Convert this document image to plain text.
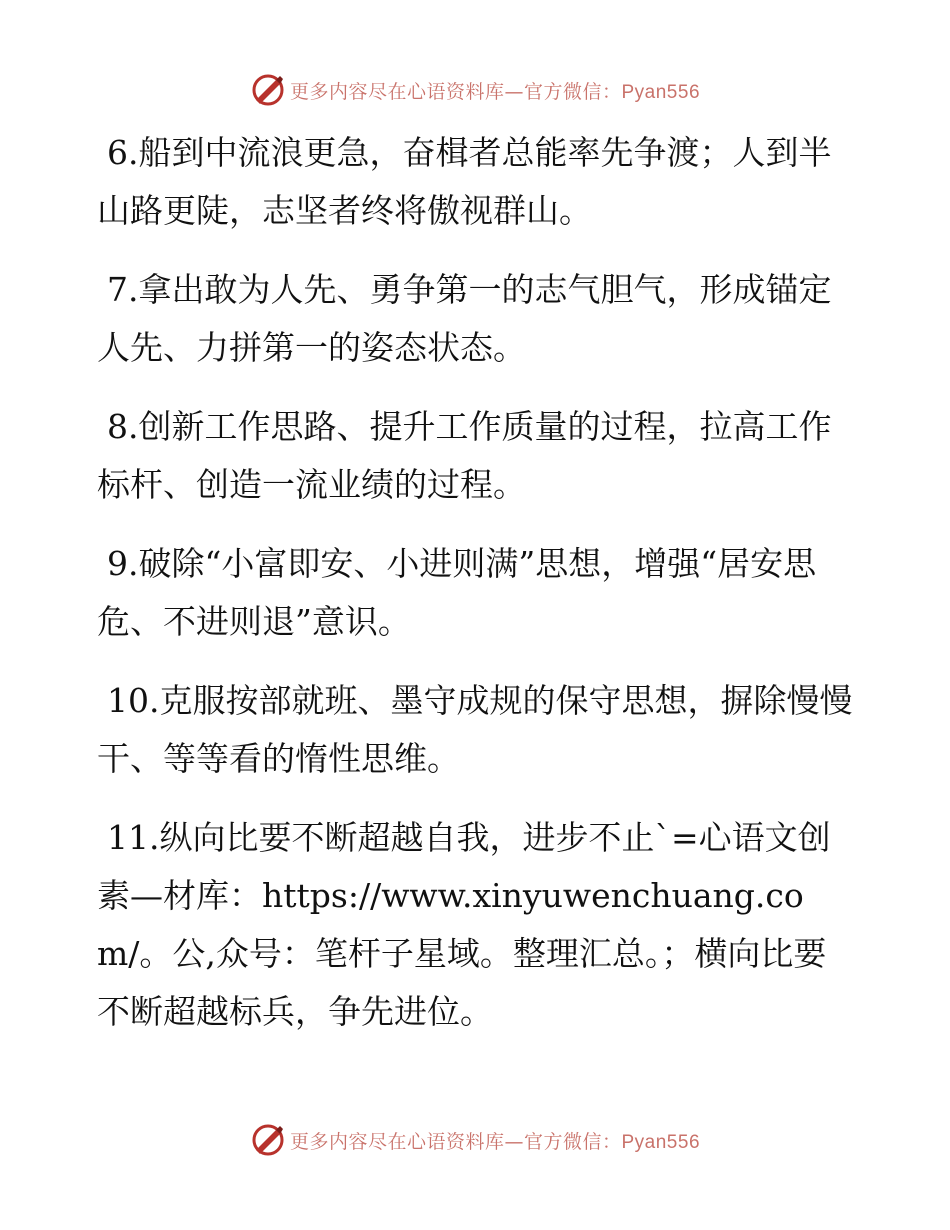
更多内容尽在心语资料库—官方微信：Pyan556

6.船到中流浪更急，奋楫者总能率先争渡；人到半山路更陡，志坚者终将傲视群山。

7.拿出敢为人先、勇争第一的志气胆气，形成锚定人先、力拼第一的姿态状态。

8.创新工作思路、提升工作质量的过程，拉高工作标杆、创造一流业绩的过程。

9.破除“小富即安、小进则满”思想，增强“居安思危、不进则退”意识。

10.克服按部就班、墨守成规的保守思想，摒除慢慢干、等等看的惰性思维。

11.纵向比要不断超越自我，进步不止`=心语文创素—材库：https://www.xinyuwenchuang.com/。公,众号：笔杆子星域。整理汇总。；横向比要不断超越标兵，争先进位。

更多内容尽在心语资料库—官方微信：Pyan556
